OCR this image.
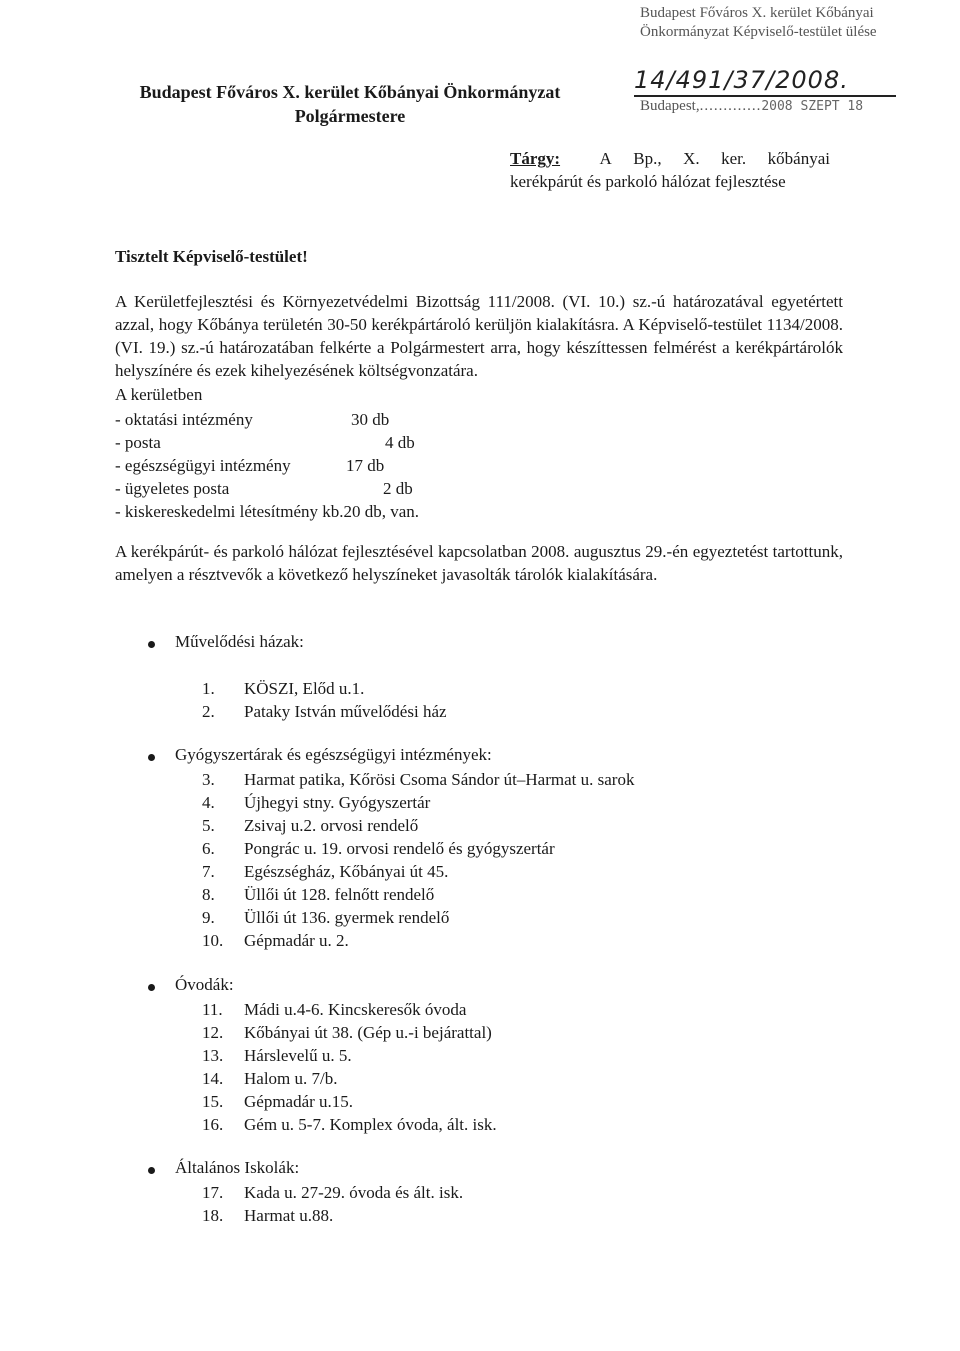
Budapest Főváros X. kerület Kőbányai
Önkormányzat Képviselő-testület ülése
14/491/37/2008.
Budapest,.............2008 SZEPT 18
Budapest Főváros X. kerület Kőbányai Önkormányzat
Polgármestere
Tárgy: A Bp., X. ker. kőbányai
kerékpárút és parkoló hálózat fejlesztése
Tisztelt Képviselő-testület!
A Kerületfejlesztési és Környezetvédelmi Bizottság 111/2008. (VI. 10.) sz.-ú határozatával egyetértett azzal, hogy Kőbánya területén 30-50 kerékpártároló kerüljön kialakításra. A Képviselő-testület 1134/2008. (VI. 19.) sz.-ú határozatában felkérte a Polgármestert arra, hogy készíttessen felmérést a kerékpártárolók helyszínére és ezek kihelyezésének költségvonzatára.
A kerületben
- oktatási intézmény	30 db
- posta	4 db
- egészségügyi intézmény	17 db
- ügyeletes posta	2 db
- kiskereskedelmi létesítmény kb.20 db, van.
A kerékpárút- és parkoló hálózat fejlesztésével kapcsolatban 2008. augusztus 29.-én egyeztetést tartottunk, amelyen a résztvevők a következő helyszíneket javasolták tárolók kialakítására.
Művelődési házak:
1.	KÖSZI, Előd u.1.
2.	Pataky István művelődési ház
Gyógyszertárak és egészségügyi intézmények:
3.	Harmat patika, Kőrösi Csoma Sándor út–Harmat u. sarok
4.	Újhegyi stny. Gyógyszertár
5.	Zsivaj u.2. orvosi rendelő
6.	Pongrác u. 19. orvosi rendelő és gyógyszertár
7.	Egészségház, Kőbányai út 45.
8.	Üllői út 128. felnőtt rendelő
9.	Üllői út 136. gyermek rendelő
10.	Gépmadár u. 2.
Óvodák:
11.	Mádi u.4-6. Kincskeresők óvoda
12.	Kőbányai út 38. (Gép u.-i bejárattal)
13.	Hárslevelű u. 5.
14.	Halom u. 7/b.
15.	Gépmadár u.15.
16.	Gém u. 5-7. Komplex óvoda, ált. isk.
Általános Iskolák:
17.	Kada u. 27-29. óvoda és ált. isk.
18.	Harmat u.88.
